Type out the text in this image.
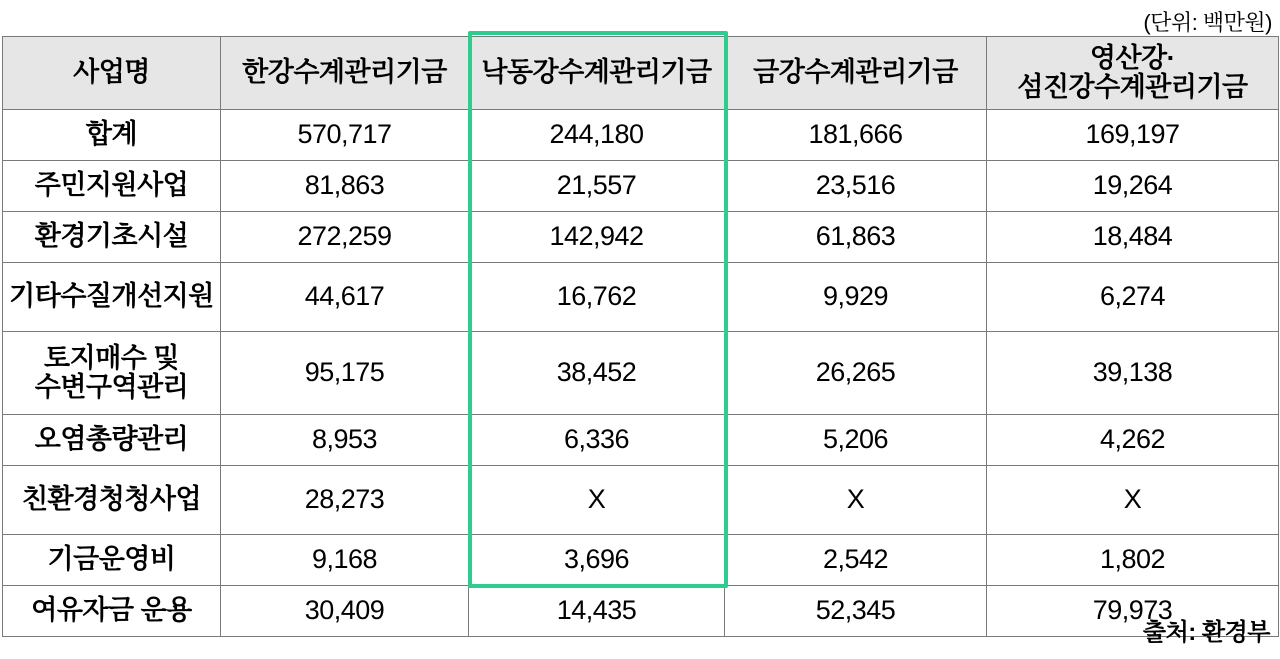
(단위: 백만원)
사업명	한강수계관리기금	낙동강수계관리기금	금강수계관리기금	영산강·섬진강수계관리기금
합계	570,717	244,180	181,666	169,197
주민지원사업	81,863	21,557	23,516	19,264
환경기초시설	272,259	142,942	61,863	18,484
기타수질개선지원	44,617	16,762	9,929	6,274
토지매수 및 수변구역관리	95,175	38,452	26,265	39,138
오염총량관리	8,953	6,336	5,206	4,262
친환경청청사업	28,273	X	X	X
기금운영비	9,168	3,696	2,542	1,802
여유자금 운용	30,409	14,435	52,345	79,973
출처: 환경부
